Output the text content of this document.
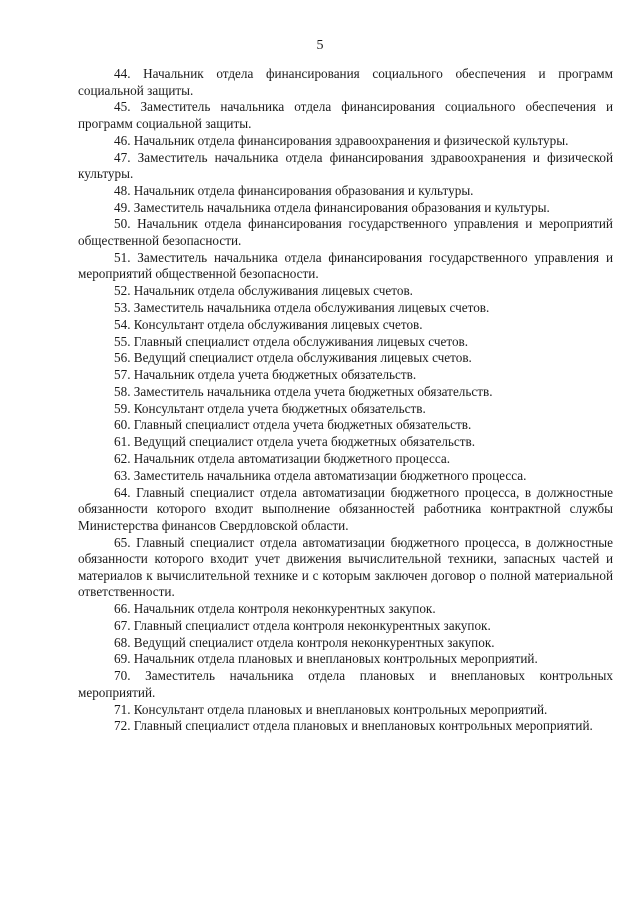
5

44. Начальник отдела финансирования социального обеспечения и программ социальной защиты.

45. Заместитель начальника отдела финансирования социального обеспечения и программ социальной защиты.

46. Начальник отдела финансирования здравоохранения и физической культуры.

47. Заместитель начальника отдела финансирования здравоохранения и физической культуры.

48. Начальник отдела финансирования образования и культуры.

49. Заместитель начальника отдела финансирования образования и культуры.

50. Начальник отдела финансирования государственного управления и мероприятий общественной безопасности.

51. Заместитель начальника отдела финансирования государственного управления и мероприятий общественной безопасности.

52. Начальник отдела обслуживания лицевых счетов.

53. Заместитель начальника отдела обслуживания лицевых счетов.

54. Консультант отдела обслуживания лицевых счетов.

55. Главный специалист отдела обслуживания лицевых счетов.

56. Ведущий специалист отдела обслуживания лицевых счетов.

57. Начальник отдела учета бюджетных обязательств.

58. Заместитель начальника отдела учета бюджетных обязательств.

59. Консультант отдела учета бюджетных обязательств.

60. Главный специалист отдела учета бюджетных обязательств.

61. Ведущий специалист отдела учета бюджетных обязательств.

62. Начальник отдела автоматизации бюджетного процесса.

63. Заместитель начальника отдела автоматизации бюджетного процесса.

64. Главный специалист отдела автоматизации бюджетного процесса, в должностные обязанности которого входит выполнение обязанностей работника контрактной службы Министерства финансов Свердловской области.

65. Главный специалист отдела автоматизации бюджетного процесса, в должностные обязанности которого входит учет движения вычислительной техники, запасных частей и материалов к вычислительной технике и с которым заключен договор о полной материальной ответственности.

66. Начальник отдела контроля неконкурентных закупок.

67. Главный специалист отдела контроля неконкурентных закупок.

68. Ведущий специалист отдела контроля неконкурентных закупок.

69. Начальник отдела плановых и внеплановых контрольных мероприятий.

70. Заместитель начальника отдела плановых и внеплановых контрольных мероприятий.

71. Консультант отдела плановых и внеплановых контрольных мероприятий.

72. Главный специалист отдела плановых и внеплановых контрольных мероприятий.
